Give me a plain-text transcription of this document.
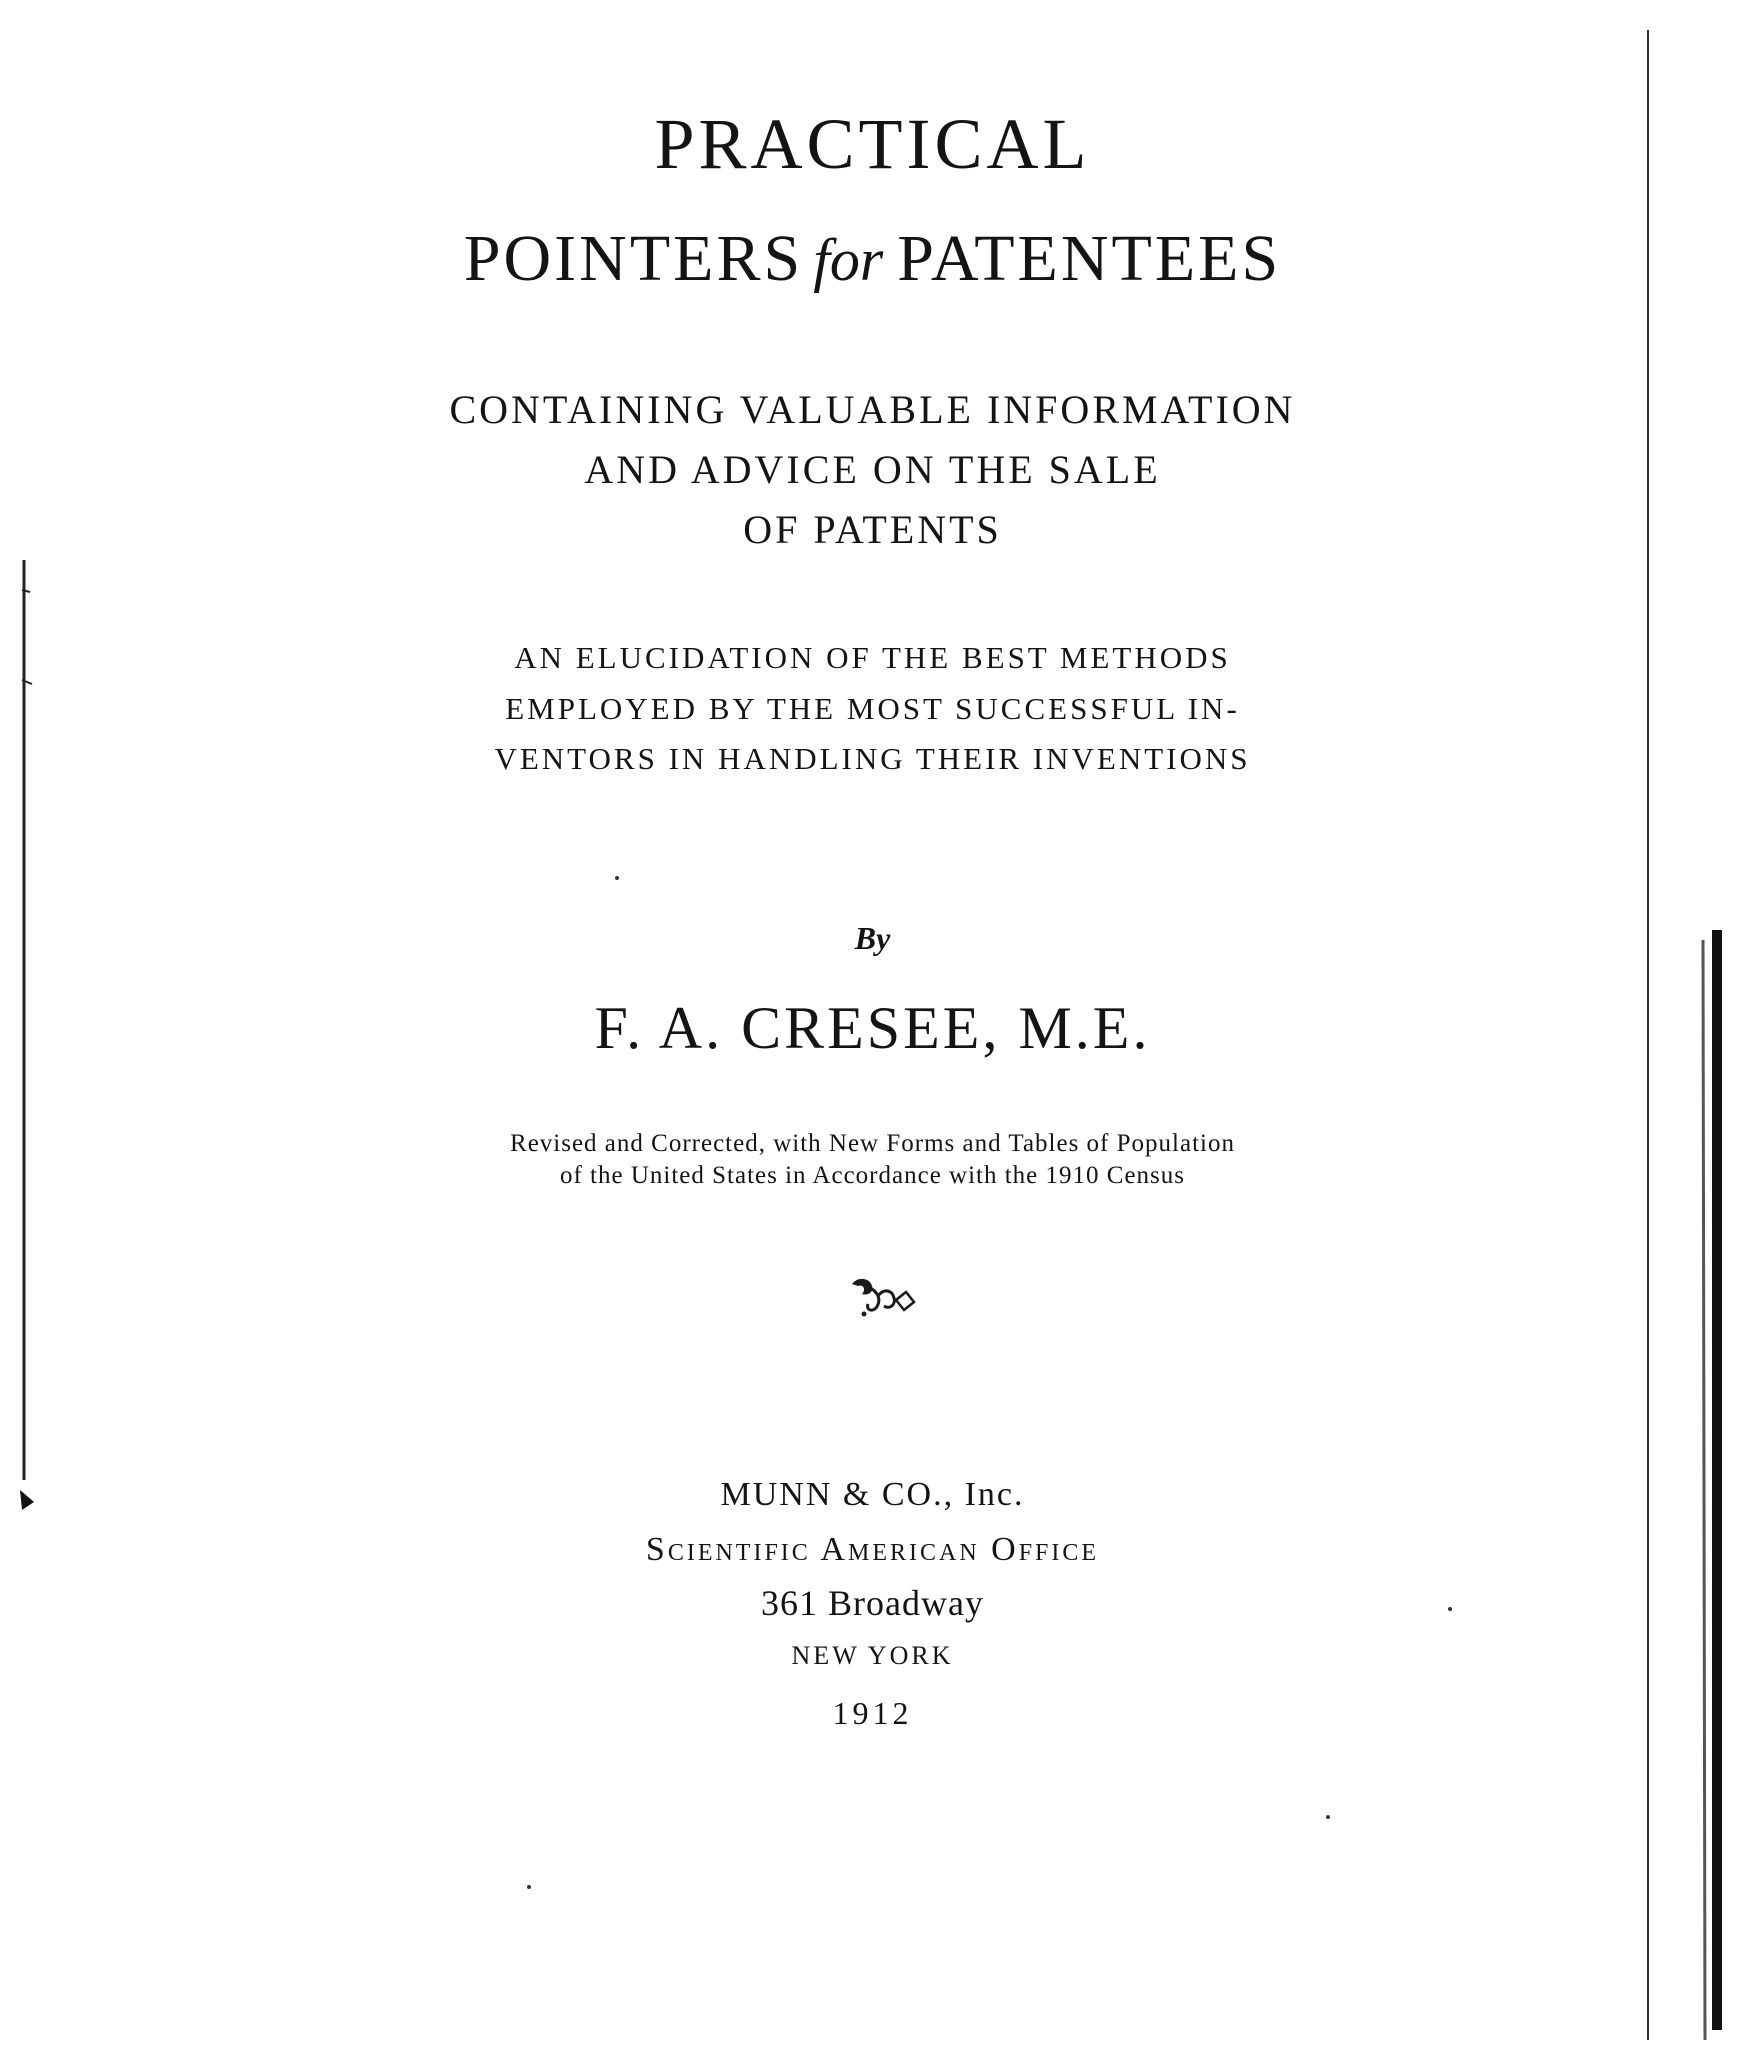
PRACTICAL
POINTERS for PATENTEES

CONTAINING VALUABLE INFORMATION

AND ADVICE ON THE SALE

OF PATENTS

AN ELUCIDATION OF THE BEST METHODS

EMPLOYED BY THE MOST SUCCESSFUL IN-

VENTORS IN HANDLING THEIR INVENTIONS

By

F. A. CRESEE, M.E.

Revised and Corrected, with New Forms and Tables of Population

of the United States in Accordance with the 1910 Census

MUNN & CO., Inc.

Scientific American Office

361 Broadway

NEW YORK

1912
